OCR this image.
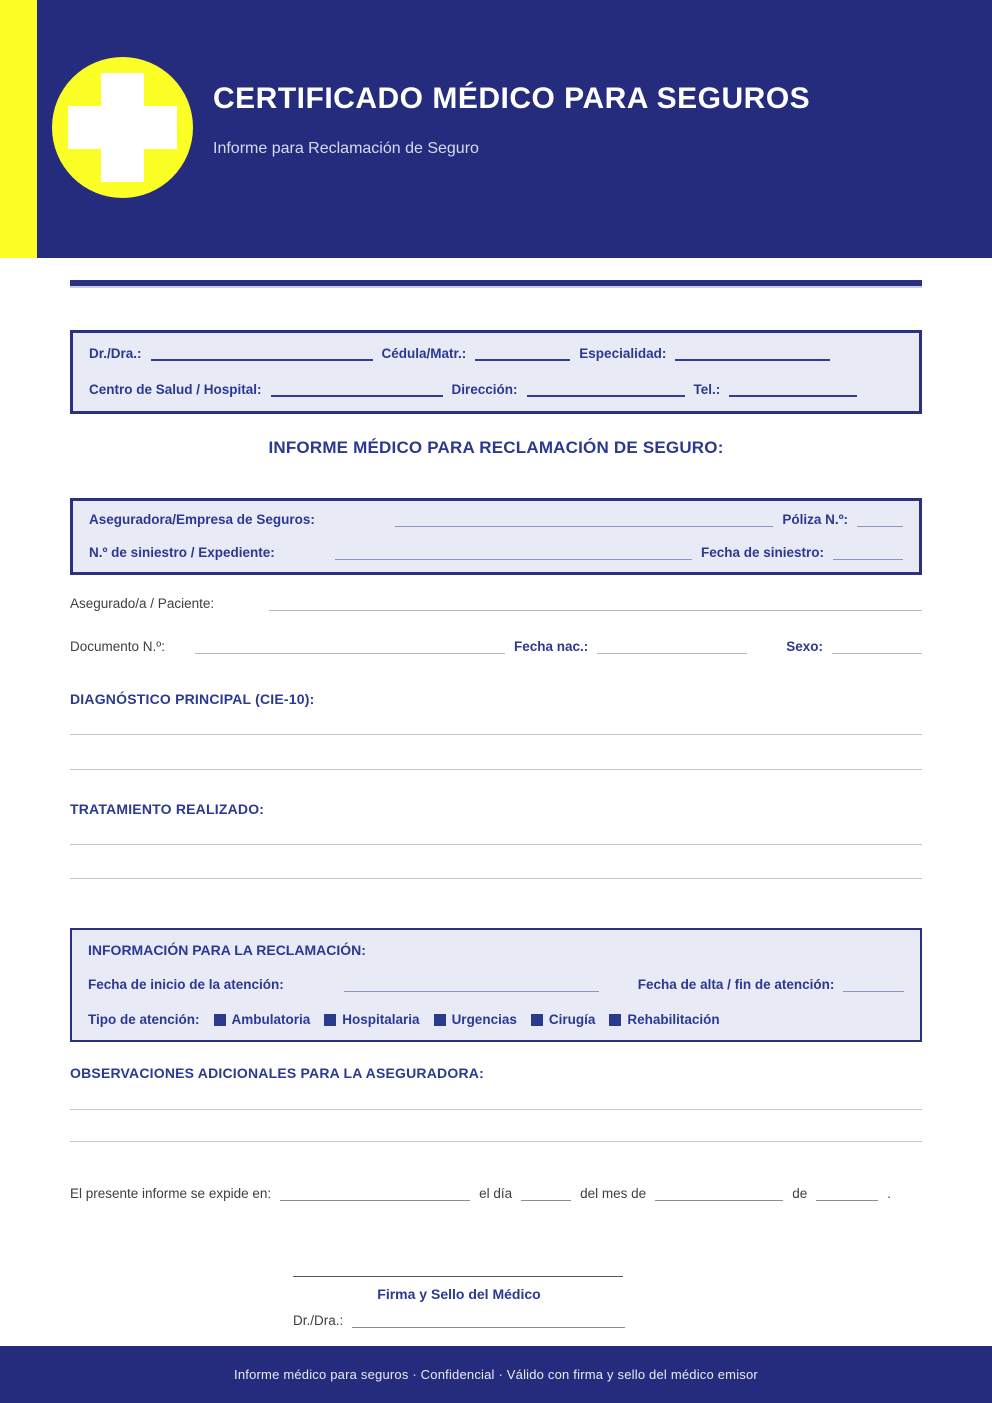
CERTIFICADO MÉDICO PARA SEGUROS
Informe para Reclamación de Seguro
Dr./Dra.:	Cédula/Matr.:	Especialidad:
Centro de Salud / Hospital:	Dirección:	Tel.:
INFORME MÉDICO PARA RECLAMACIÓN DE SEGURO:
Aseguradora/Empresa de Seguros:	Póliza N.º:
N.º de siniestro / Expediente:	Fecha de siniestro:
Asegurado/a / Paciente:
Documento N.º:	Fecha nac.:	Sexo:
DIAGNÓSTICO PRINCIPAL (CIE-10):
TRATAMIENTO REALIZADO:
INFORMACIÓN PARA LA RECLAMACIÓN:
Fecha de inicio de la atención:	Fecha de alta / fin de atención:
Tipo de atención: Ambulatoria Hospitalaria Urgencias Cirugía Rehabilitación
OBSERVACIONES ADICIONALES PARA LA ASEGURADORA:
El presente informe se expide en:	el día	del mes de	de	.
Firma y Sello del Médico
Dr./Dra.:
Informe médico para seguros · Confidencial · Válido con firma y sello del médico emisor
